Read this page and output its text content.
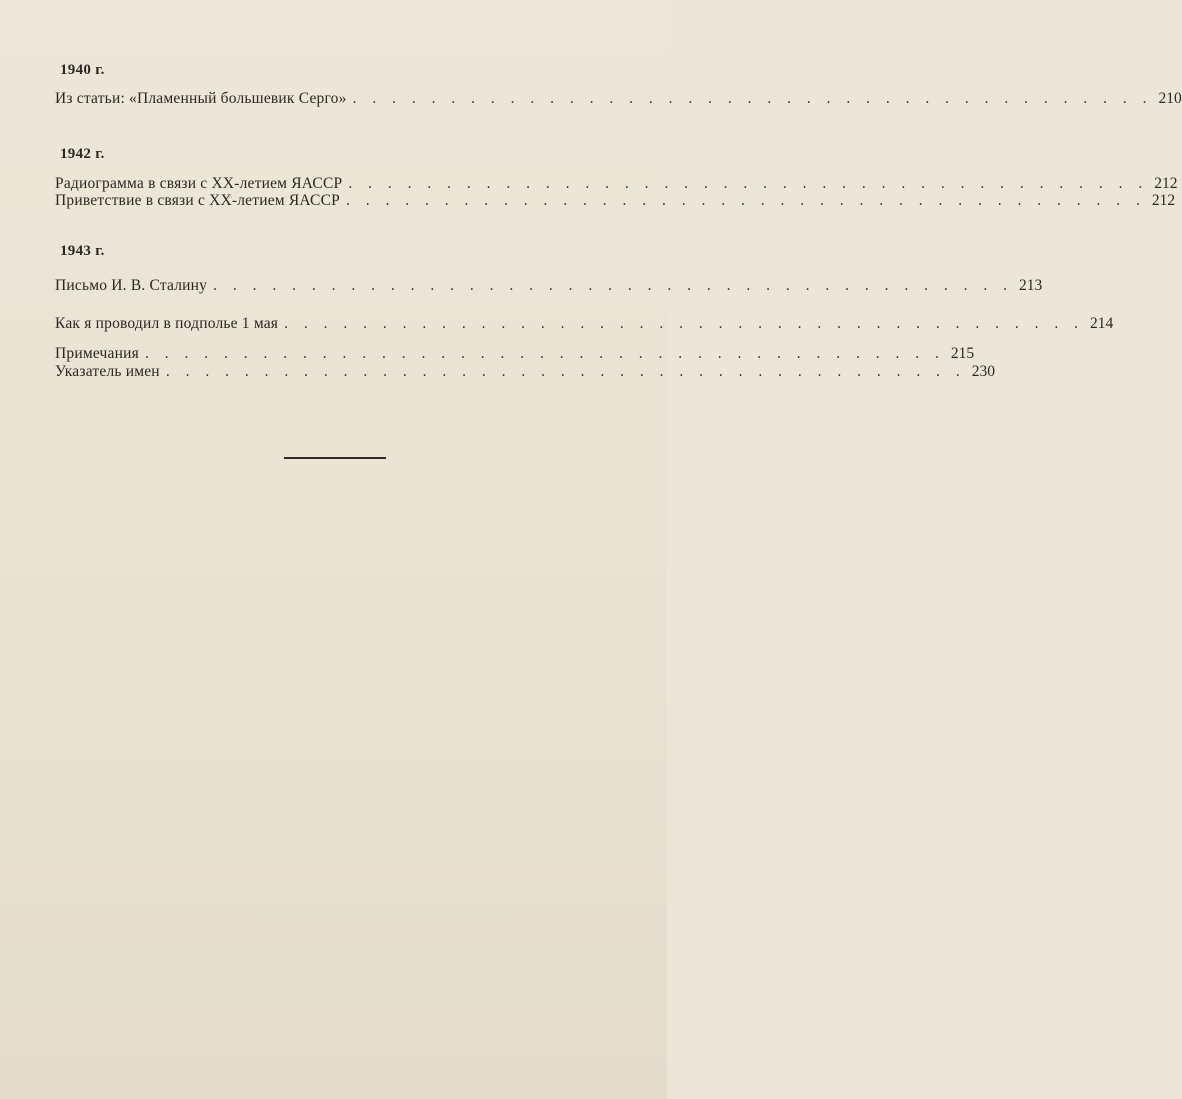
1940 г.
Из статьи: «Пламенный большевик Серго» . . . . . . . . . . . . . . . . . . . . . . . . . . . . . . . . . . . . . . . . . 210
1942 г.
Радиограмма в связи с XX-летием ЯАССР . . . . . . . . . . . . . . . . . . . . . . . . . . . . . . . . . . . . . . . . . 212
Приветствие в связи с XX-летием ЯАССР . . . . . . . . . . . . . . . . . . . . . . . . . . . . . . . . . . . . . . . . . 212
1943 г.
Письмо И. В. Сталину . . . . . . . . . . . . . . . . . . . . . . . . . . . . . . . . . . . . . . . . . 213
Как я проводил в подполье 1 мая . . . . . . . . . . . . . . . . . . . . . . . . . . . . . . . . . . . . . . . . . 214
Примечания . . . . . . . . . . . . . . . . . . . . . . . . . . . . . . . . . . . . . . . . . 215
Указатель имен . . . . . . . . . . . . . . . . . . . . . . . . . . . . . . . . . . . . . . . . . 230
